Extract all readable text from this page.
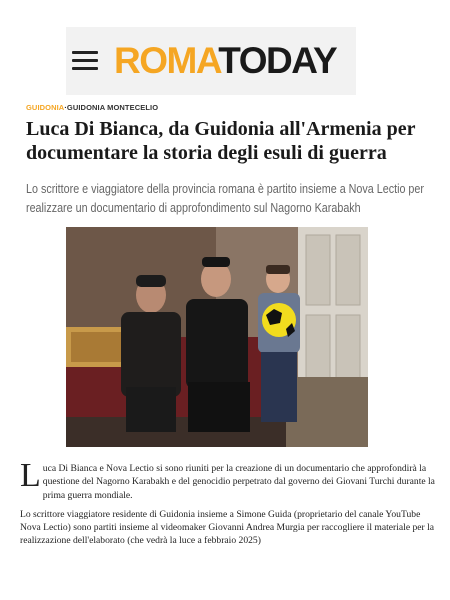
ROMATODAY
GUIDONIA·GUIDONIA MONTECELIO
Luca Di Bianca, da Guidonia all'Armenia per documentare la storia degli esuli di guerra

Lo scrittore e viaggiatore della provincia romana è partito insieme a Nova Lectio per realizzare un documentario di approfondimento sul Nagorno Karabakh

Luca Di Bianca e Nova Lectio si sono riuniti per la creazione di un documentario che approfondirà la questione del Nagorno Karabakh e del genocidio perpetrato dal governo dei Giovani Turchi durante la prima guerra mondiale.

Lo scrittore viaggiatore residente di Guidonia insieme a Simone Guida (proprietario del canale YouTube Nova Lectio) sono partiti insieme al videomaker Giovanni Andrea Murgia per raccogliere il materiale per la realizzazione dell'elaborato (che vedrà la luce a febbraio 2025)
